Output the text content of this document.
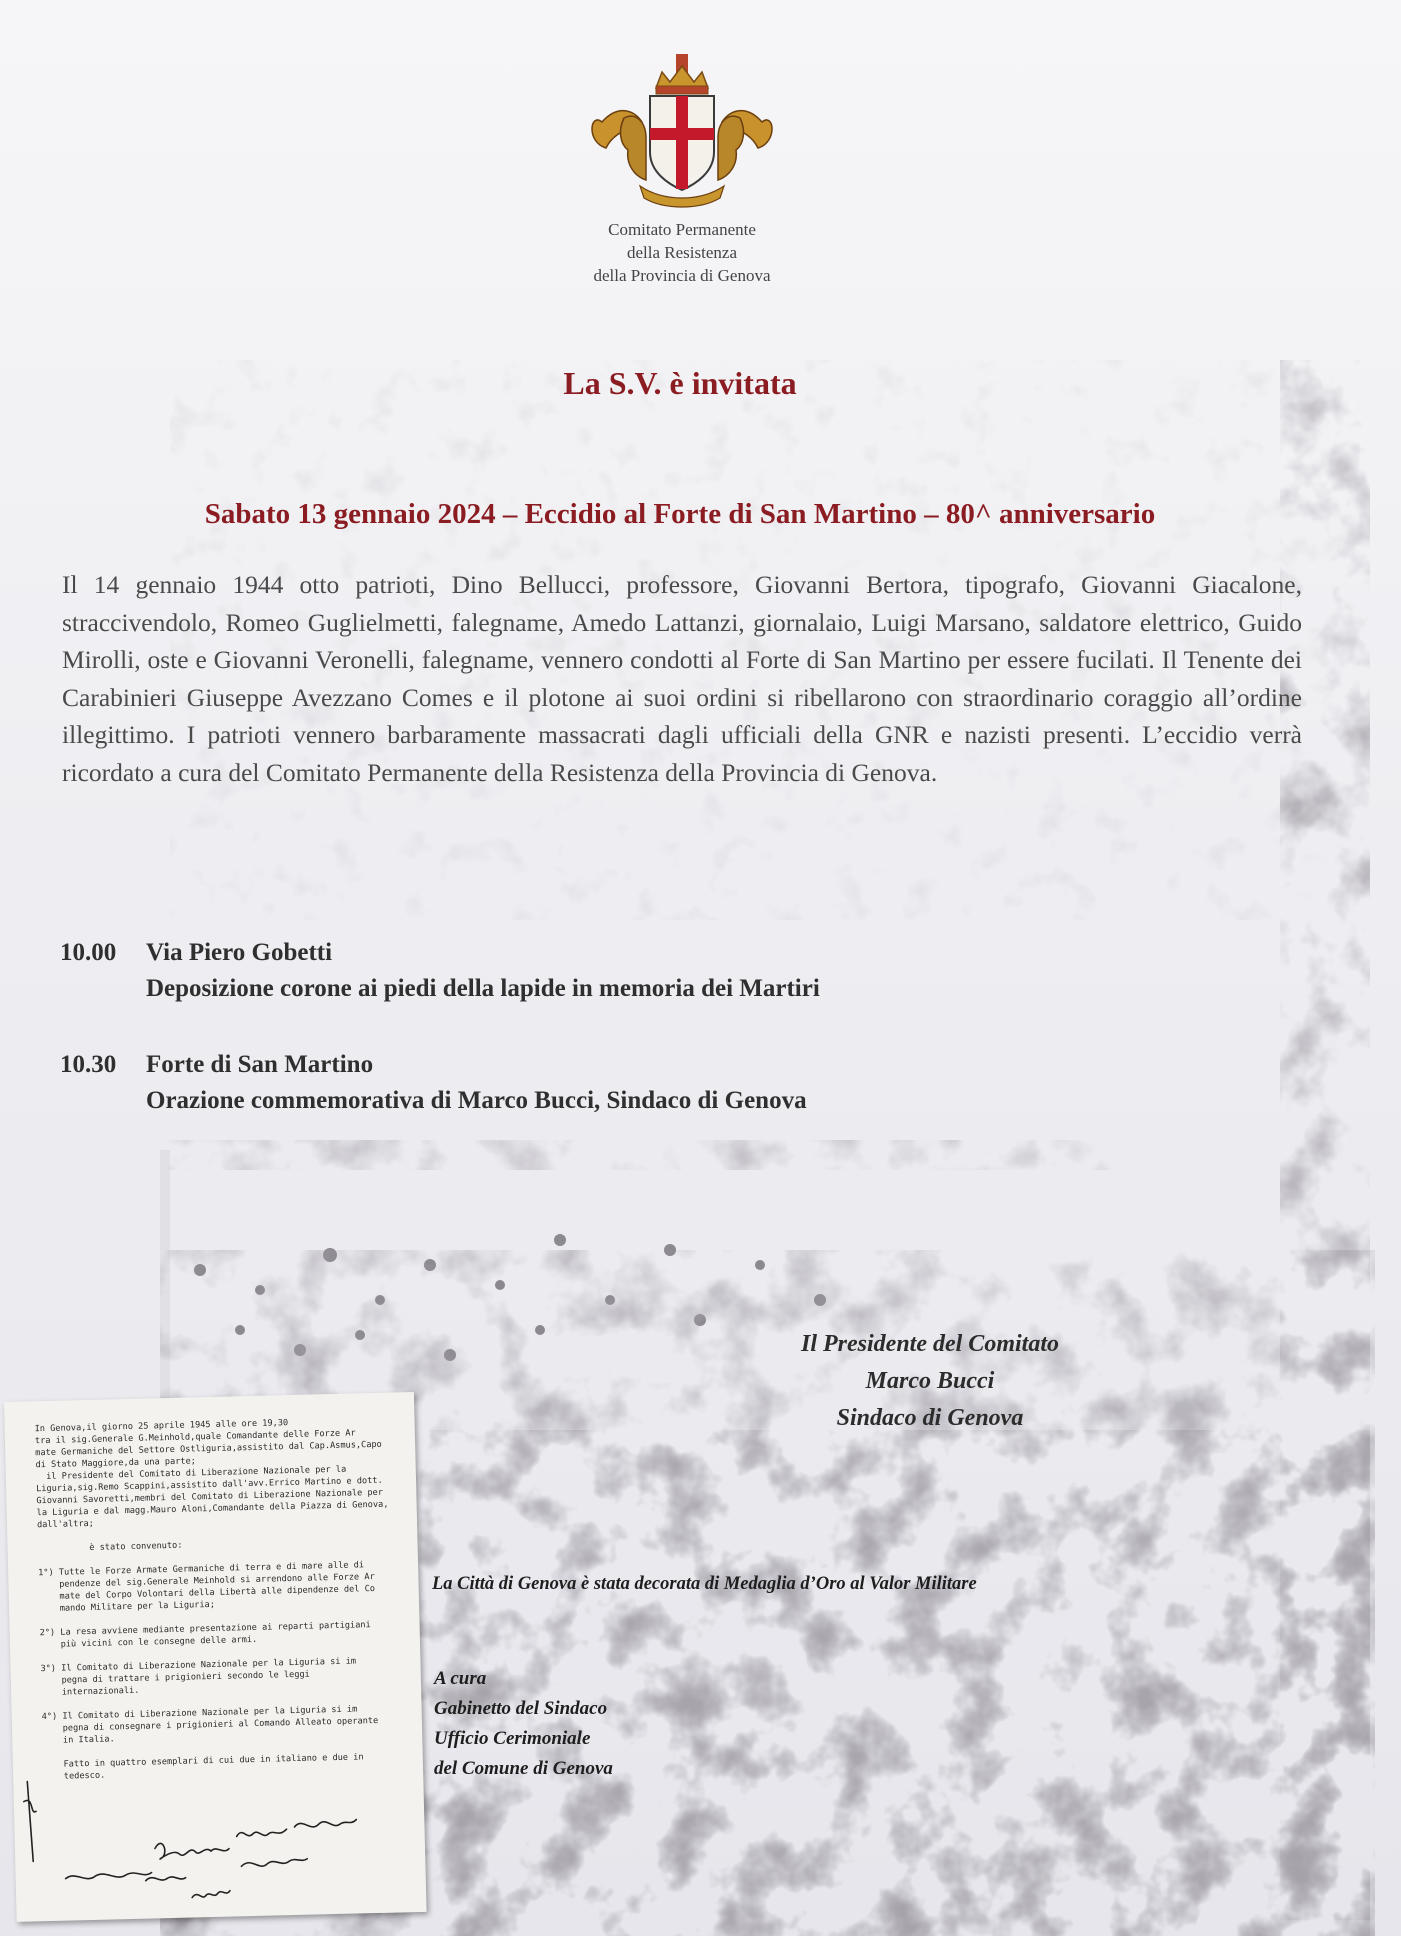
Comitato Permanente
della Resistenza
della Provincia di Genova
La S.V. è invitata
Sabato 13 gennaio 2024 – Eccidio al Forte di San Martino – 80^ anniversario
Il 14 gennaio 1944 otto patrioti, Dino Bellucci, professore, Giovanni Bertora, tipografo, Giovanni Giacalone, straccivendolo, Romeo Guglielmetti, falegname, Amedo Lattanzi, giornalaio, Luigi Marsano, saldatore elettrico, Guido Mirolli, oste e Giovanni Veronelli, falegname, vennero condotti al Forte di San Martino per essere fucilati. Il Tenente dei Carabinieri Giuseppe Avezzano Comes e il plotone ai suoi ordini si ribellarono con straordinario coraggio all’ordine illegittimo. I patrioti vennero barbaramente massacrati dagli ufficiali della GNR e nazisti presenti. L’eccidio verrà ricordato a cura del Comitato Permanente della Resistenza della Provincia di Genova.
10.00	Via Piero Gobetti
Deposizione corone ai piedi della lapide in memoria dei Martiri
10.30	Forte di San Martino
Orazione commemorativa di Marco Bucci, Sindaco di Genova
Il Presidente del Comitato
Marco Bucci
Sindaco di Genova
La Città di Genova è stata decorata di Medaglia d’Oro al Valor Militare
A cura
Gabinetto del Sindaco
Ufficio Cerimoniale
del Comune di Genova
In Genova,il giorno 25 aprile 1945 alle ore 19,30
tra il sig.Generale G.Meinhold,quale Comandante delle Forze Ar
mate Germaniche del Settore Ostliguria,assistito dal Cap.Asmus,Capo
di Stato Maggiore,da una parte;
il Presidente del Comitato di Liberazione Nazionale per la
Liguria,sig.Remo Scappini,assistito dall'avv.Errico Martino e dott.
Giovanni Savoretti,membri del Comitato di Liberazione Nazionale per
la Liguria e dal magg.Mauro Aloni,Comandante della Piazza di Genova,
dall'altra;

è stato convenuto:

1°) Tutte le Forze Armate Germaniche di terra e di mare alle di
pendenze del sig.Generale Meinhold si arrendono alle Forze Ar
mate del Corpo Volontari della Libertà alle dipendenze del Co
mando Militare per la Liguria;

2°) La resa avviene mediante presentazione ai reparti partigiani
più vicini con le consegne delle armi.

3°) Il Comitato di Liberazione Nazionale per la Liguria si im
pegna di trattare i prigionieri secondo le leggi
internazionali.

4°) Il Comitato di Liberazione Nazionale per la Liguria si im
pegna di consegnare i prigionieri al Comando Alleato operante
in Italia.

Fatto in quattro esemplari di cui due in italiano e due in
tedesco.
